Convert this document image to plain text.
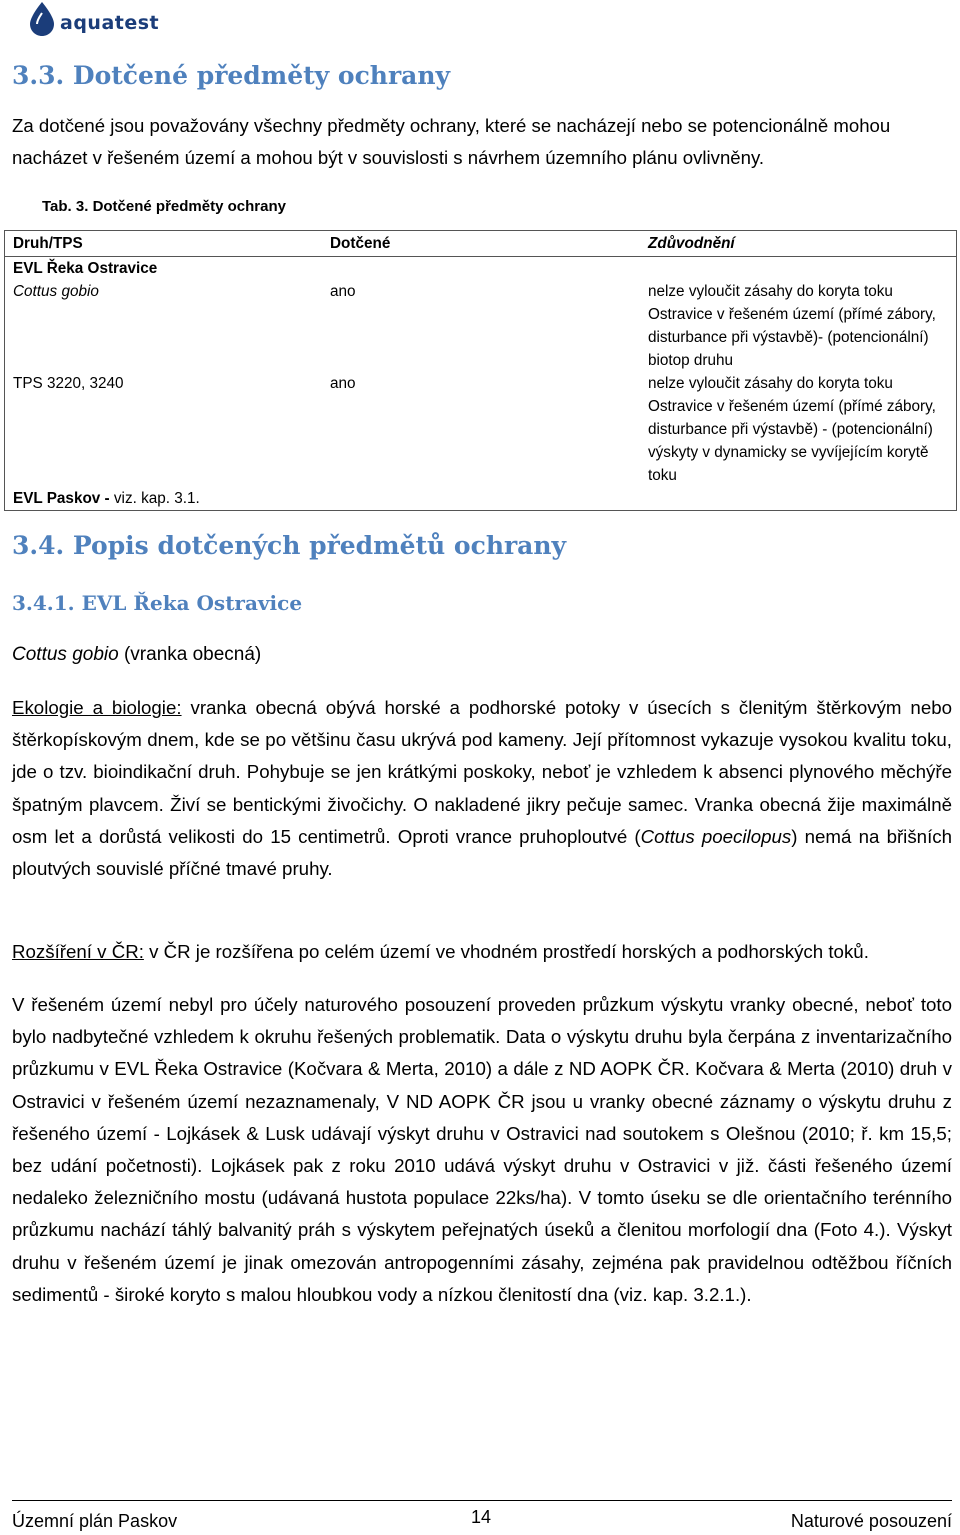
aquatest
3.3. Dotčené předměty ochrany

Za dotčené jsou považovány všechny předměty ochrany, které se nacházejí nebo se potencionálně mohou nacházet v řešeném území a mohou být v souvislosti s návrhem územního plánu ovlivněny.

Tab. 3. Dotčené předměty ochrany

Druh/TPS	Dotčené	Zdůvodnění
EVL Řeka Ostravice		
Cottus gobio	ano	nelze vyloučit zásahy do koryta toku Ostravice v řešeném území (přímé zábory, disturbance při výstavbě)- (potencionální) biotop druhu
TPS 3220, 3240	ano	nelze vyloučit zásahy do koryta toku Ostravice v řešeném území (přímé zábory, disturbance při výstavbě) - (potencionální) výskyty v dynamicky se vyvíjejícím korytě toku
EVL Paskov - viz. kap. 3.1.		
3.4. Popis dotčených předmětů ochrany
3.4.1. EVL Řeka Ostravice

Cottus gobio (vranka obecná)

Ekologie a biologie: vranka obecná obývá horské a podhorské potoky v úsecích s členitým štěrkovým nebo štěrkopískovým dnem, kde se po většinu času ukrývá pod kameny. Její přítomnost vykazuje vysokou kvalitu toku, jde o tzv. bioindikační druh. Pohybuje se jen krátkými poskoky, neboť je vzhledem k absenci plynového měchýře špatným plavcem. Živí se bentickými živočichy. O nakladené jikry pečuje samec. Vranka obecná žije maximálně osm let a dorůstá velikosti do 15 centimetrů. Oproti vrance pruhoploutvé (Cottus poecilopus) nemá na břišních ploutvých souvislé příčné tmavé pruhy.

Rozšíření v ČR: v ČR je rozšířena po celém území ve vhodném prostředí horských a podhorských toků.

V řešeném území nebyl pro účely naturového posouzení proveden průzkum výskytu vranky obecné, neboť toto bylo nadbytečné vzhledem k okruhu řešených problematik. Data o výskytu druhu byla čerpána z inventarizačního průzkumu v EVL Řeka Ostravice (Kočvara & Merta, 2010) a dále z ND AOPK ČR. Kočvara & Merta (2010) druh v Ostravici v řešeném území nezaznamenaly, V ND AOPK ČR jsou u vranky obecné záznamy o výskytu druhu z řešeného území - Lojkásek & Lusk udávají výskyt druhu v Ostravici nad soutokem s Olešnou (2010; ř. km 15,5; bez udání početnosti). Lojkásek pak z roku 2010 udává výskyt druhu v Ostravici v již. části řešeného území nedaleko železničního mostu (udávaná hustota populace 22ks/ha). V tomto úseku se dle orientačního terénního průzkumu nachází táhlý balvanitý práh s výskytem peřejnatých úseků a členitou morfologií dna (Foto 4.). Výskyt druhu v řešeném území je jinak omezován antropogenními zásahy, zejména pak pravidelnou odtěžbou říčních sedimentů - široké koryto s malou hloubkou vody a nízkou členitostí dna (viz. kap. 3.2.1.).

Územní plán Paskov	14	Naturové posouzení
